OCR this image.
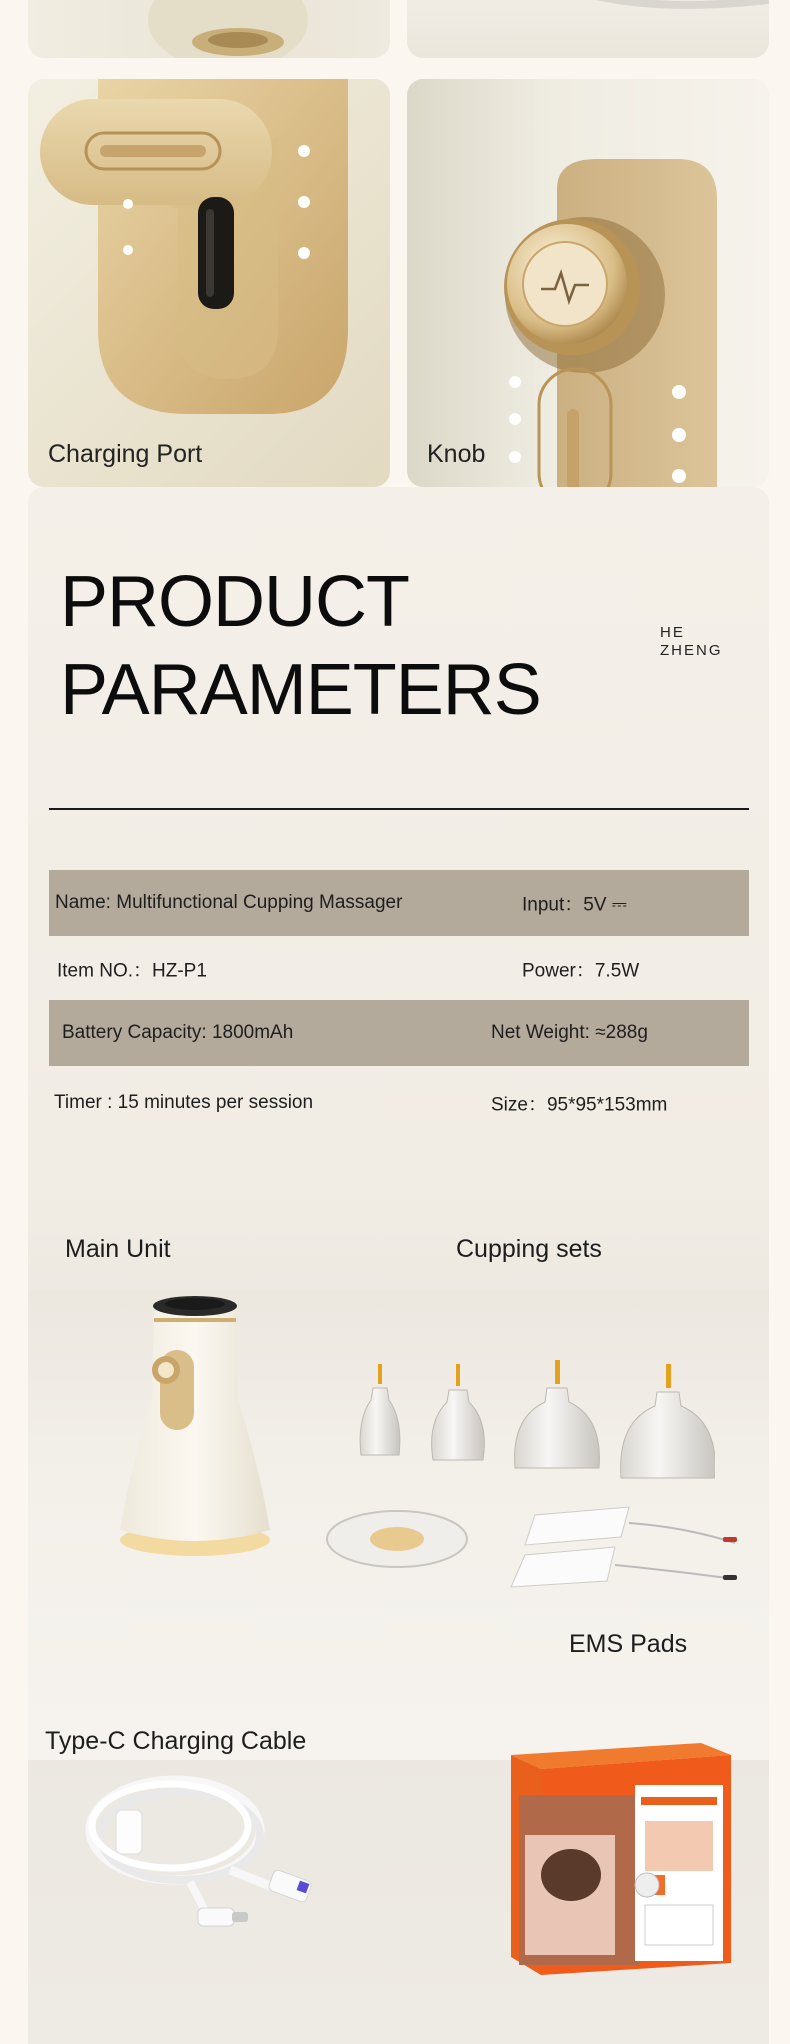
Charging Port	Knob
PRODUCT
PARAMETERS
HE
ZHENG
Name: Multifunctional Cupping Massager	Input：5V ⎓
Item NO.：HZ-P1	Power：7.5W
Battery Capacity: 1800mAh	Net Weight: ≈288g
Timer : 15 minutes per session	Size：95*95*153mm
Main Unit	Cupping sets
EMS Pads
Type-C Charging Cable
